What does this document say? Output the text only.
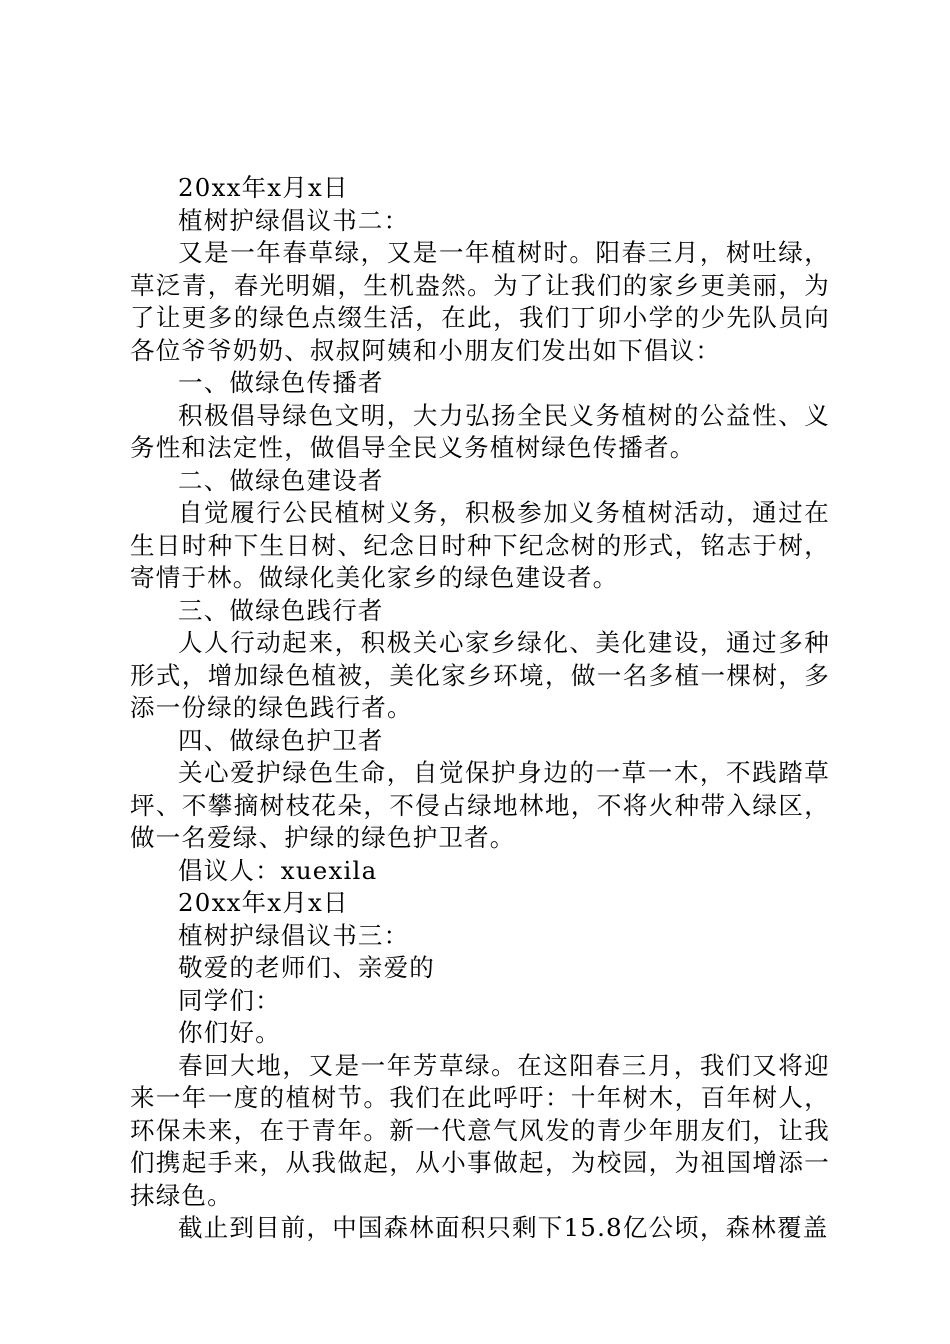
20xx年x月x日

植树护绿倡议书二：

又是一年春草绿，又是一年植树时。阳春三月，树吐绿，草泛青，春光明媚，生机盎然。为了让我们的家乡更美丽，为了让更多的绿色点缀生活，在此，我们丁卯小学的少先队员向各位爷爷奶奶、叔叔阿姨和小朋友们发出如下倡议：

一、做绿色传播者

积极倡导绿色文明，大力弘扬全民义务植树的公益性、义务性和法定性，做倡导全民义务植树绿色传播者。

二、做绿色建设者

自觉履行公民植树义务，积极参加义务植树活动，通过在生日时种下生日树、纪念日时种下纪念树的形式，铭志于树，寄情于林。做绿化美化家乡的绿色建设者。

三、做绿色践行者

人人行动起来，积极关心家乡绿化、美化建设，通过多种形式，增加绿色植被，美化家乡环境，做一名多植一棵树，多添一份绿的绿色践行者。

四、做绿色护卫者

关心爱护绿色生命，自觉保护身边的一草一木，不践踏草坪、不攀摘树枝花朵，不侵占绿地林地，不将火种带入绿区，做一名爱绿、护绿的绿色护卫者。

倡议人：xuexila

20xx年x月x日

植树护绿倡议书三：

敬爱的老师们、亲爱的

同学们：

你们好。

春回大地，又是一年芳草绿。在这阳春三月，我们又将迎来一年一度的植树节。我们在此呼吁：十年树木，百年树人，环保未来，在于青年。新一代意气风发的青少年朋友们，让我们携起手来，从我做起，从小事做起，为校园，为祖国增添一抹绿色。

截止到目前，中国森林面积只剩下15.8亿公顷，森林覆盖
